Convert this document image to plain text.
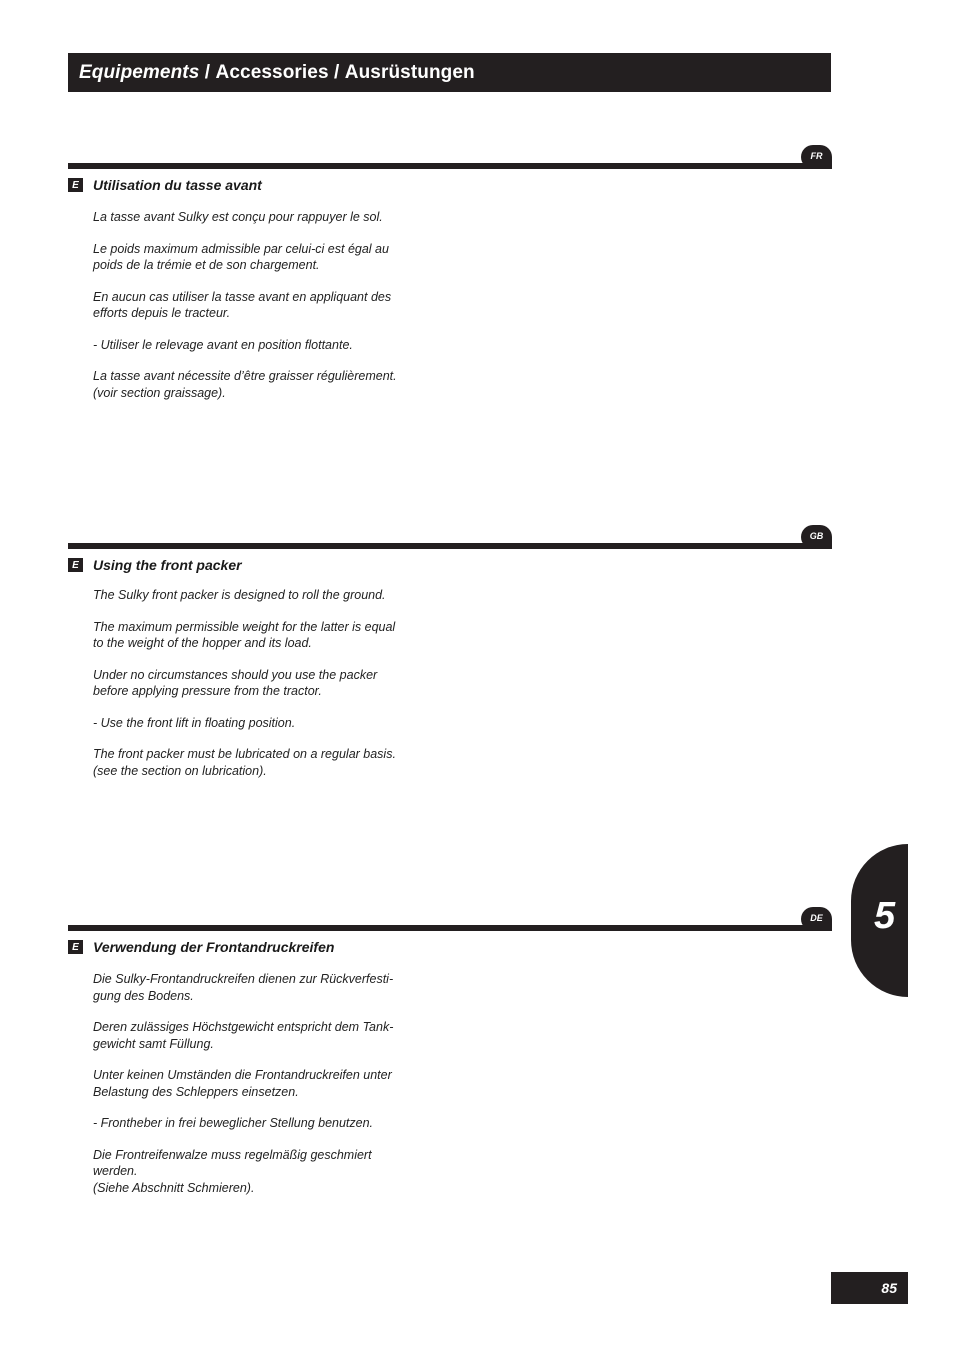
Equipements / Accessories / Ausrüstungen
FR
E Utilisation du tasse avant

La tasse avant Sulky est conçu pour rappuyer le sol.

Le poids maximum admissible par celui-ci est égal au
poids de la trémie et de son chargement.

En aucun cas utiliser la tasse avant en appliquant des
efforts depuis le tracteur.

- Utiliser le relevage avant en position flottante.

La tasse avant nécessite d’être graisser régulièrement.
(voir section graissage).

GB
E Using the front packer

The Sulky front packer is designed to roll the ground.

The maximum permissible weight for the latter is equal
to the weight of the hopper and its load.

Under no circumstances should you use the packer
before applying pressure from the tractor.

- Use the front lift in floating position.

The front packer must be lubricated on a regular basis.
(see the section on lubrication).

DE
E Verwendung der Frontandruckreifen

Die Sulky-Frontandruckreifen dienen zur Rückverfesti-
gung des Bodens.

Deren zulässiges Höchstgewicht entspricht dem Tank-
gewicht samt Füllung.

Unter keinen Umständen die Frontandruckreifen unter
Belastung des Schleppers einsetzen.

- Frontheber in frei beweglicher Stellung benutzen.

Die Frontreifenwalze muss regelmäßig geschmiert
werden.
(Siehe Abschnitt Schmieren).

5
85
